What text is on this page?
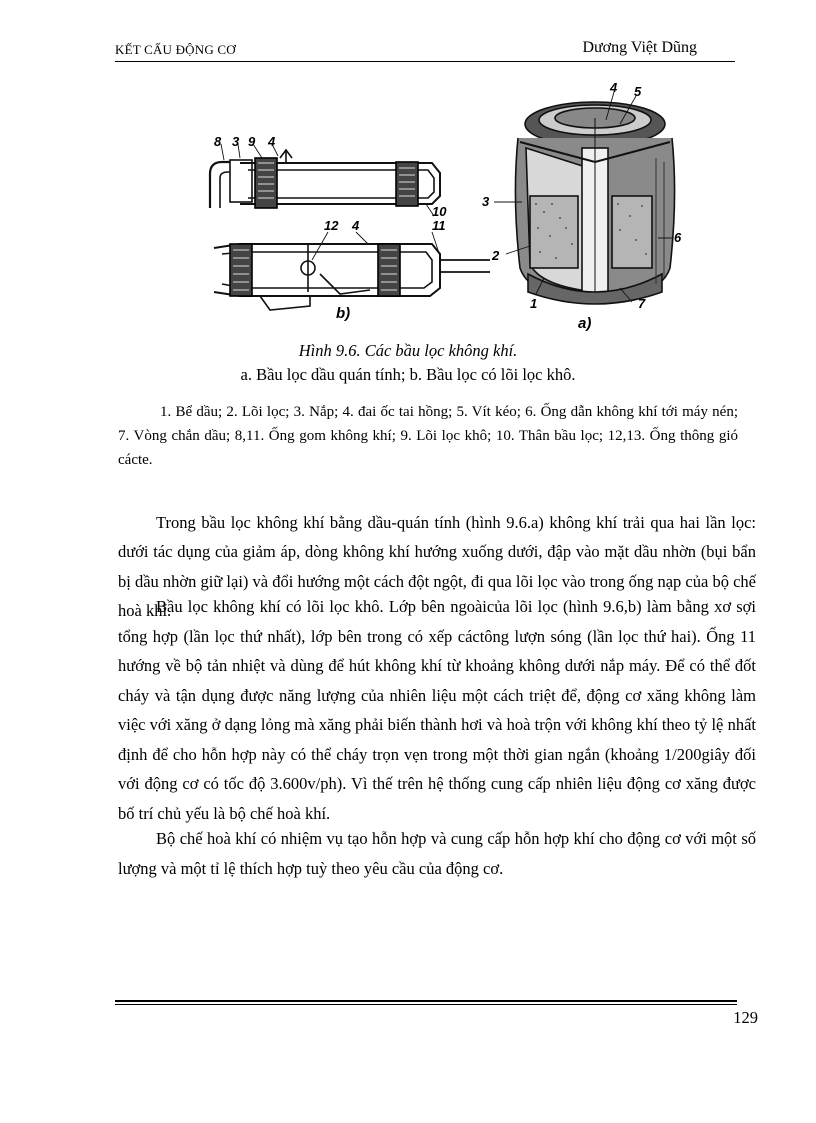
KẾT CẤU ĐỘNG CƠ	Dương Việt Dũng
8 3 9 4
12 4
10
11
b)
4 5
3
6
2
1	7
a)
Hình 9.6. Các bầu lọc không khí.
a. Bầu lọc dầu quán tính; b. Bầu lọc có lõi lọc khô.
1. Bể dầu; 2. Lõi lọc; 3. Nắp; 4. đai ốc tai hồng; 5. Vít kéo; 6. Ống dẫn không khí tới máy nén; 7. Vòng chắn dầu; 8,11. Ống gom không khí; 9. Lõi lọc khô; 10. Thân bầu lọc; 12,13. Ống thông gió cácte.
Trong bầu lọc không khí bằng dầu-quán tính (hình 9.6.a) không khí trải qua hai lần lọc: dưới tác dụng của giảm áp, dòng không khí hướng xuống dưới, đập vào mặt dầu nhờn (bụi bẩn bị dầu nhờn giữ lại) và đổi hướng một cách đột ngột, đi qua lõi lọc vào trong ống nạp của bộ chế hoà khí.
Bầu lọc không khí có lõi lọc khô. Lớp bên ngoàicủa lõi lọc (hình 9.6,b) làm bằng xơ sợi tổng hợp (lần lọc thứ nhất), lớp bên trong có xếp cáctông lượn sóng (lần lọc thứ hai). Ống 11 hướng về bộ tản nhiệt và dùng để hút không khí từ khoảng không dưới nắp máy. Để có thể đốt cháy và tận dụng được năng lượng của nhiên liệu một cách triệt để, động cơ xăng không làm việc với xăng ở dạng lỏng mà xăng phải biến thành hơi và hoà trộn với không khí theo tỷ lệ nhất định để cho hỗn hợp này có thể cháy trọn vẹn trong một thời gian ngắn (khoảng 1/200giây đối với động cơ có tốc độ 3.600v/ph). Vì thế trên hệ thống cung cấp nhiên liệu động cơ xăng được bố trí chủ yếu là bộ chế hoà khí.
Bộ chế hoà khí có nhiệm vụ tạo hỗn hợp và cung cấp hỗn hợp khí cho động cơ với một số lượng và một tỉ lệ thích hợp tuỳ theo yêu cầu của động cơ.
129
